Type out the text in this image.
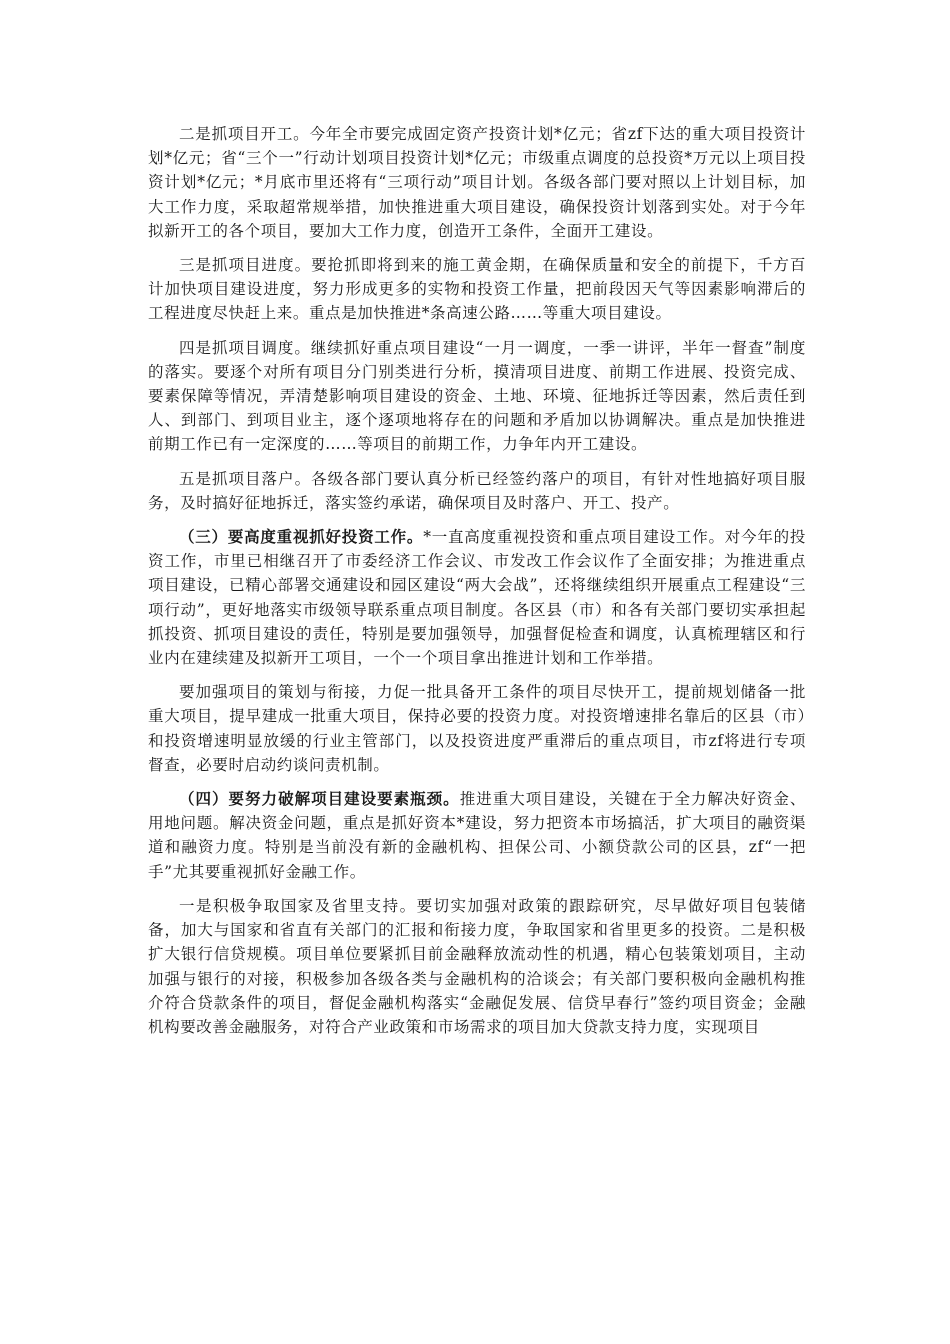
二是抓项目开工。今年全市要完成固定资产投资计划*亿元；省zf下达的重大项目投资计划*亿元；省“三个一”行动计划项目投资计划*亿元；市级重点调度的总投资*万元以上项目投资计划*亿元；*月底市里还将有“三项行动”项目计划。各级各部门要对照以上计划目标，加大工作力度，采取超常规举措，加快推进重大项目建设，确保投资计划落到实处。对于今年拟新开工的各个项目，要加大工作力度，创造开工条件，全面开工建设。

三是抓项目进度。要抢抓即将到来的施工黄金期，在确保质量和安全的前提下，千方百计加快项目建设进度，努力形成更多的实物和投资工作量，把前段因天气等因素影响滞后的工程进度尽快赶上来。重点是加快推进*条高速公路……等重大项目建设。

四是抓项目调度。继续抓好重点项目建设“一月一调度，一季一讲评，半年一督查”制度的落实。要逐个对所有项目分门别类进行分析，摸清项目进度、前期工作进展、投资完成、要素保障等情况，弄清楚影响项目建设的资金、土地、环境、征地拆迁等因素，然后责任到人、到部门、到项目业主，逐个逐项地将存在的问题和矛盾加以协调解决。重点是加快推进前期工作已有一定深度的……等项目的前期工作，力争年内开工建设。

五是抓项目落户。各级各部门要认真分析已经签约落户的项目，有针对性地搞好项目服务，及时搞好征地拆迁，落实签约承诺，确保项目及时落户、开工、投产。

（三）要高度重视抓好投资工作。*一直高度重视投资和重点项目建设工作。对今年的投资工作，市里已相继召开了市委经济工作会议、市发改工作会议作了全面安排；为推进重点项目建设，已精心部署交通建设和园区建设“两大会战”，还将继续组织开展重点工程建设“三项行动”，更好地落实市级领导联系重点项目制度。各区县（市）和各有关部门要切实承担起抓投资、抓项目建设的责任，特别是要加强领导，加强督促检查和调度，认真梳理辖区和行业内在建续建及拟新开工项目，一个一个项目拿出推进计划和工作举措。

要加强项目的策划与衔接，力促一批具备开工条件的项目尽快开工，提前规划储备一批重大项目，提早建成一批重大项目，保持必要的投资力度。对投资增速排名靠后的区县（市）和投资增速明显放缓的行业主管部门，以及投资进度严重滞后的重点项目，市zf将进行专项督查，必要时启动约谈问责机制。

（四）要努力破解项目建设要素瓶颈。推进重大项目建设，关键在于全力解决好资金、用地问题。解决资金问题，重点是抓好资本*建设，努力把资本市场搞活，扩大项目的融资渠道和融资力度。特别是当前没有新的金融机构、担保公司、小额贷款公司的区县，zf“一把手”尤其要重视抓好金融工作。

一是积极争取国家及省里支持。要切实加强对政策的跟踪研究，尽早做好项目包装储备，加大与国家和省直有关部门的汇报和衔接力度，争取国家和省里更多的投资。二是积极扩大银行信贷规模。项目单位要紧抓目前金融释放流动性的机遇，精心包装策划项目，主动加强与银行的对接，积极参加各级各类与金融机构的洽谈会；有关部门要积极向金融机构推介符合贷款条件的项目，督促金融机构落实“金融促发展、信贷早春行”签约项目资金；金融机构要改善金融服务，对符合产业政策和市场需求的项目加大贷款支持力度，实现项目
